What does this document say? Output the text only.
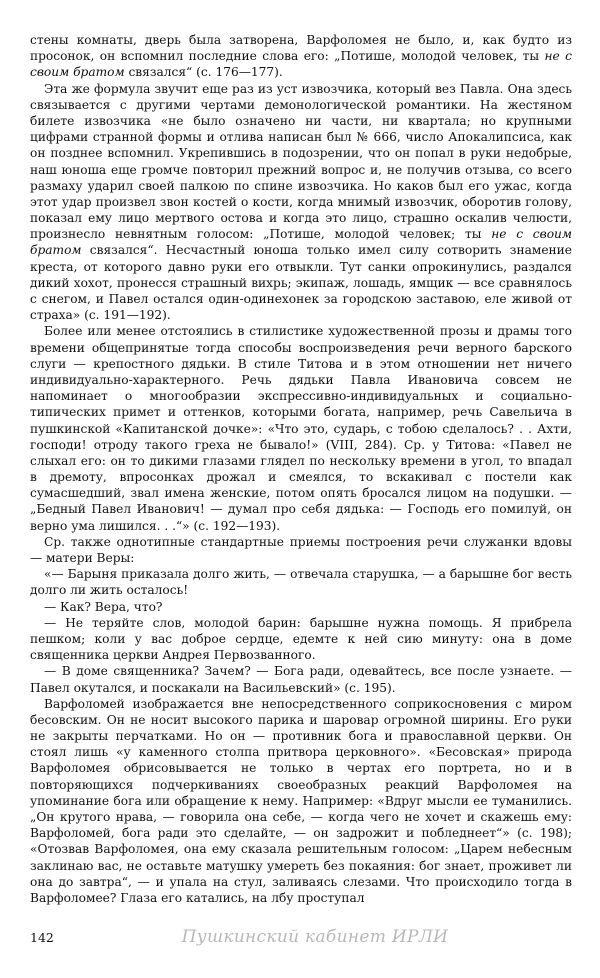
стены комнаты, дверь была затворена, Варфоломея не было, и, как будто из просонок, он вспомнил последние слова его: „Потише, молодой человек, ты не с своим братом связался“ (с. 176—177).

Эта же формула звучит еще раз из уст извозчика, который вез Павла. Она здесь связывается с другими чертами демонологической романтики. На жестяном билете извозчика «не было означено ни части, ни квартала; но крупными цифрами странной формы и отлива написан был № 666, число Апокалипсиса, как он позднее вспомнил. Укрепившись в подозрении, что он попал в руки недобрые, наш юноша еще громче повторил прежний вопрос и, не получив отзыва, со всего размаху ударил своей палкою по спине извозчика. Но каков был его ужас, когда этот удар произвел звон костей о кости, когда мнимый извозчик, оборотив голову, показал ему лицо мертвого остова и когда это лицо, страшно оскалив челюсти, произнесло невнятным голосом: „Потише, молодой человек; ты не с своим братом связался“. Несчастный юноша только имел силу сотворить знамение креста, от которого давно руки его отвыкли. Тут санки опрокинулись, раздался дикий хохот, пронесся страшный вихрь; экипаж, лошадь, ямщик — все сравнялось с снегом, и Павел остался один-одинехонек за городскою заставою, еле живой от страха» (с. 191—192).

Более или менее отстоялись в стилистике художественной прозы и драмы того времени общепринятые тогда способы воспроизведения речи верного барского слуги — крепостного дядьки. В стиле Титова и в этом отношении нет ничего индивидуально-характерного. Речь дядьки Павла Ивановича совсем не напоминает о многообразии экспрессивно-индивидуальных и социально-типических примет и оттенков, которыми богата, например, речь Савельича в пушкинской «Капитанской дочке»: «Что это, сударь, с тобою сделалось? . . Ахти, господи! отроду такого греха не бывало!» (VIII, 284). Ср. у Титова: «Павел не слыхал его: он то дикими глазами глядел по нескольку времени в угол, то впадал в дремоту, впросонках дрожал и смеялся, то вскакивал с постели как сумасшедший, звал имена женские, потом опять бросался лицом на подушки. — „Бедный Павел Иванович! — думал про себя дядька: — Господь его помилуй, он верно ума лишился. . .“» (с. 192—193).

Ср. также однотипные стандартные приемы построения речи служанки вдовы — матери Веры:

«— Барыня приказала долго жить, — отвечала старушка, — а барышне бог весть долго ли жить осталось!

— Как? Вера, что?

— Не теряйте слов, молодой барин: барышне нужна помощь. Я прибрела пешком; коли у вас доброе сердце, едемте к ней сию минуту: она в доме священника церкви Андрея Первозванного.

— В доме священника? Зачем? — Бога ради, одевайтесь, все после узнаете. — Павел окутался, и поскакали на Васильевский» (с. 195).

Варфоломей изображается вне непосредственного соприкосновения с миром бесовским. Он не носит высокого парика и шаровар огромной ширины. Его руки не закрыты перчатками. Но он — противник бога и православной церкви. Он стоял лишь «у каменного столпа притвора церковного». «Бесовская» природа Варфоломея обрисовывается не только в чертах его портрета, но и в повторяющихся подчеркиваниях своеобразных реакций Варфоломея на упоминание бога или обращение к нему. Например: «Вдруг мысли ее туманились. „Он крутого нрава, — говорила она себе, — когда чего не хочет и скажешь ему: Варфоломей, бога ради это сделайте, — он задрожит и побледнеет“» (с. 198); «Отозвав Варфоломея, она ему сказала решительным голосом: „Царем небесным заклинаю вас, не оставьте матушку умереть без покаяния: бог знает, проживет ли она до завтра“, — и упала на стул, заливаясь слезами. Что происходило тогда в Варфоломее? Глаза его катались, на лбу проступал

142	Пушкинский кабинет ИРЛИ
